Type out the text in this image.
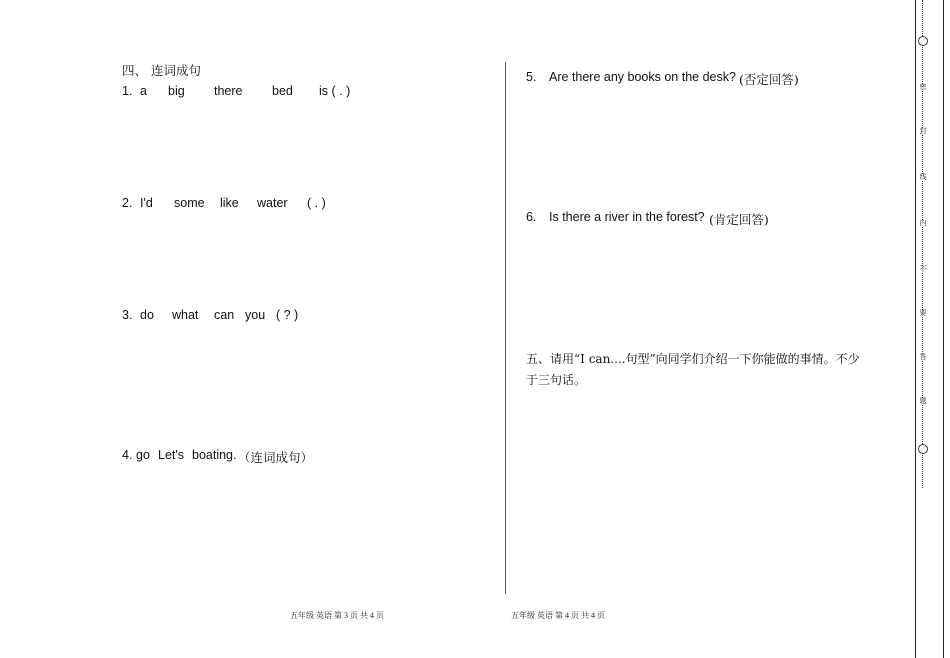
四、 连词成句
1. a big there bed is ( . )
2. I'd some like water ( . )
3. do what can you ( ? )
4. go Let's boating. （连词成句）
5. Are there any books on the desk? (否定回答)
6. Is there a river in the forest? (肯定回答)
五、请用“I can....句型”向同学们介绍一下你能做的事情。不少
于三句话。
五年级 英语 第 3 页 共 4 页	五年级 英语 第 4 页 共 4 页
密
封
线
内
不
要
答
题
